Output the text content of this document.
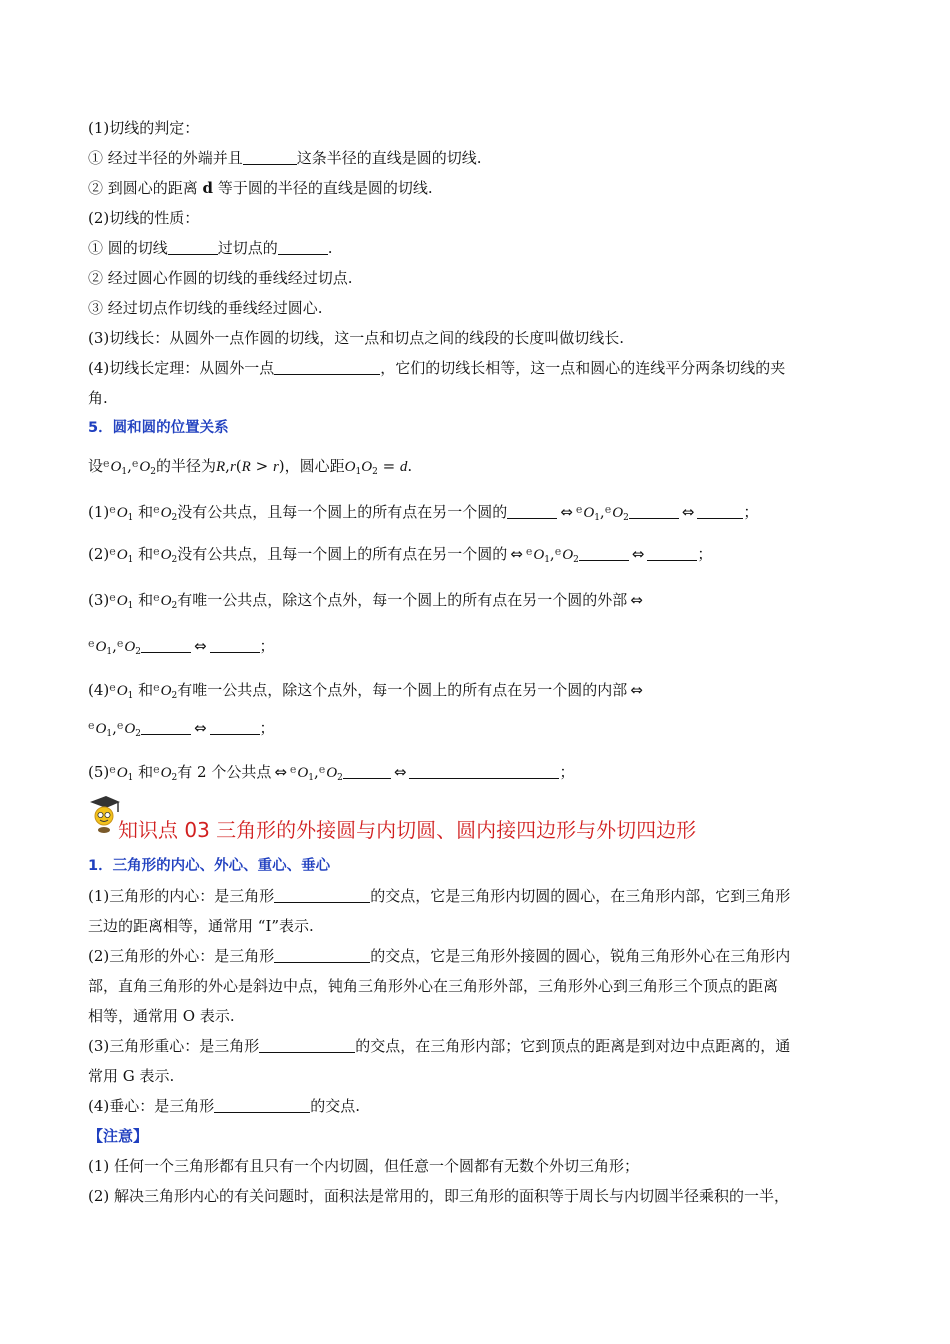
(1)切线的判定：
① 经过半径的外端并且	这条半径的直线是圆的切线.
② 到圆心的距离 d 等于圆的半径的直线是圆的切线.
(2)切线的性质：
① 圆的切线	过切点的	.
② 经过圆心作圆的切线的垂线经过切点.
③ 经过切点作切线的垂线经过圆心.
(3)切线长：从圆外一点作圆的切线，这一点和切点之间的线段的长度叫做切线长.
(4)切线长定理：从圆外一点	，它们的切线长相等，这一点和圆心的连线平分两条切线的夹
角.
5．圆和圆的位置关系
设$^eO_1,^eO_2$的半径为R,r(R > r)，圆心距$O_1O_2 = d$.
$(1)^eO_1$ 和$^eO_2$没有公共点，且每一个圆上的所有点在另一个圆的	⇔ $^eO_1,^eO_2$	⇔	；
$(2)^eO_1$ 和$^eO_2$没有公共点，且每一个圆上的所有点在另一个圆的 ⇔ $^eO_1,^eO_2$	⇔	；
$(3)^eO_1$ 和$^eO_2$有唯一公共点，除这个点外，每一个圆上的所有点在另一个圆的外部 ⇔
$^eO_1,^eO_2$	⇔	；
$(4)^eO_1$ 和$^eO_2$有唯一公共点，除这个点外，每一个圆上的所有点在另一个圆的内部 ⇔
$^eO_1,^eO_2$	⇔	；
$(5)^eO_1$ 和$^eO_2$有 2 个公共点 ⇔ $^eO_1,^eO_2$	⇔	；
知识点 03 三角形的外接圆与内切圆、圆内接四边形与外切四边形
1．三角形的内心、外心、重心、垂心
(1)三角形的内心：是三角形	的交点，它是三角形内切圆的圆心，在三角形内部，它到三角形
三边的距离相等，通常用 “I”表示.
(2)三角形的外心：是三角形	的交点，它是三角形外接圆的圆心，锐角三角形外心在三角形内
部，直角三角形的外心是斜边中点，钝角三角形外心在三角形外部，三角形外心到三角形三个顶点的距离
相等，通常用 O 表示.
(3)三角形重心：是三角形	的交点，在三角形内部；它到顶点的距离是到对边中点距离的，通
常用 G 表示.
(4)垂心：是三角形	的交点.
【注意】
(1) 任何一个三角形都有且只有一个内切圆，但任意一个圆都有无数个外切三角形；
(2) 解决三角形内心的有关问题时，面积法是常用的，即三角形的面积等于周长与内切圆半径乘积的一半，
